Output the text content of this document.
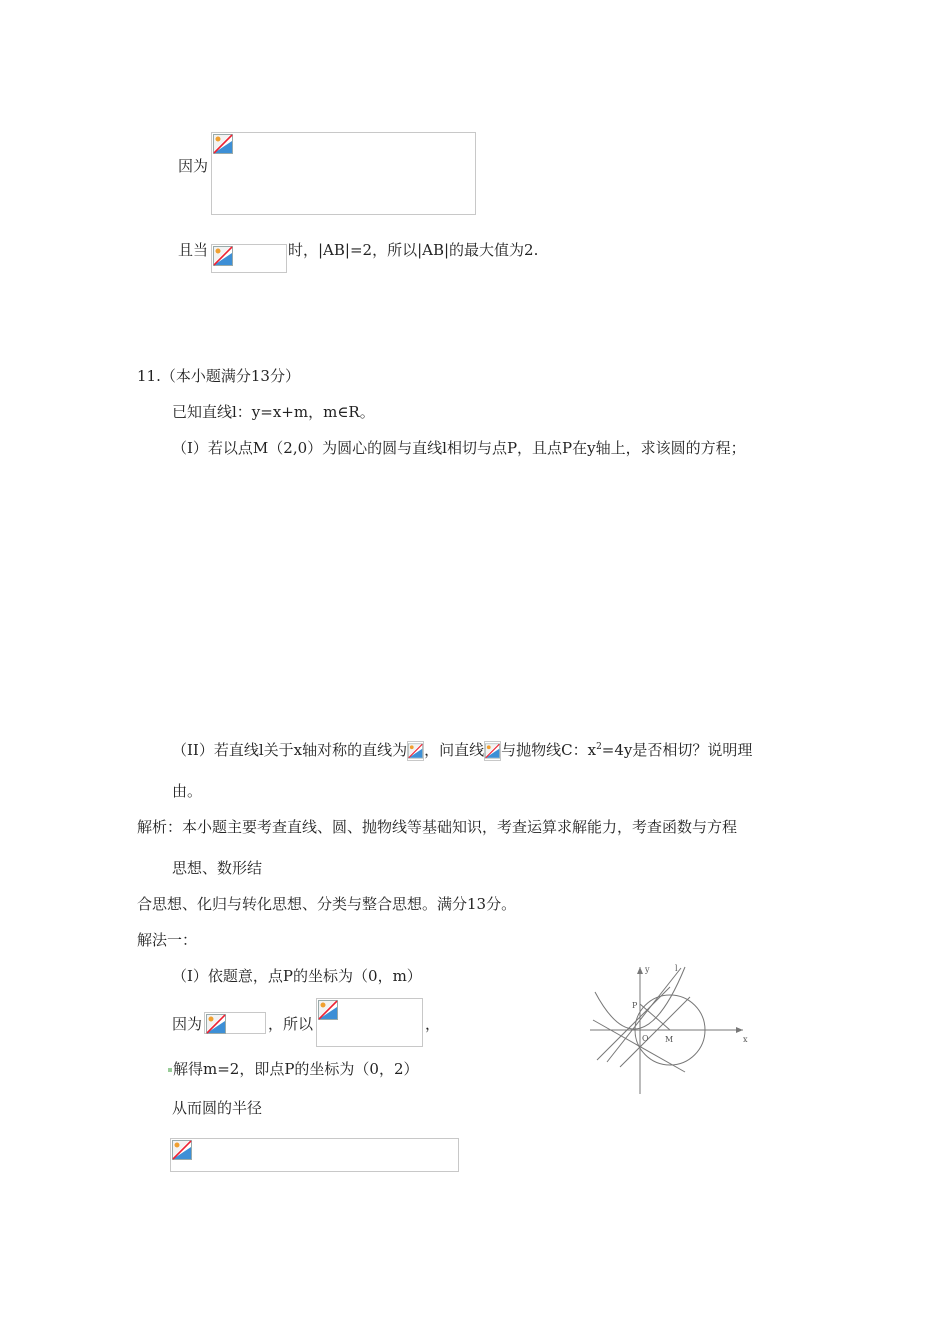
因为
且当	时，|AB|=2，所以|AB|的最大值为2.
11.（本小题满分13分）
已知直线l：y=x+m，m∈R。
（I）若以点M（2,0）为圆心的圆与直线l相切与点P，且点P在y轴上，求该圆的方程；
（II）若直线l关于x轴对称的直线为 ，问直线 与抛物线C：$x^2=4y$是否相切？说明理
由。
解析：本小题主要考查直线、圆、抛物线等基础知识，考查运算求解能力，考查函数与方程
思想、数形结
合思想、化归与转化思想、分类与整合思想。满分13分。
解法一：
（I）依题意，点P的坐标为（0，m）
因为	，所以	，
解得m=2，即点P的坐标为（0，2）
从而圆的半径
y	l
P
O M	x
